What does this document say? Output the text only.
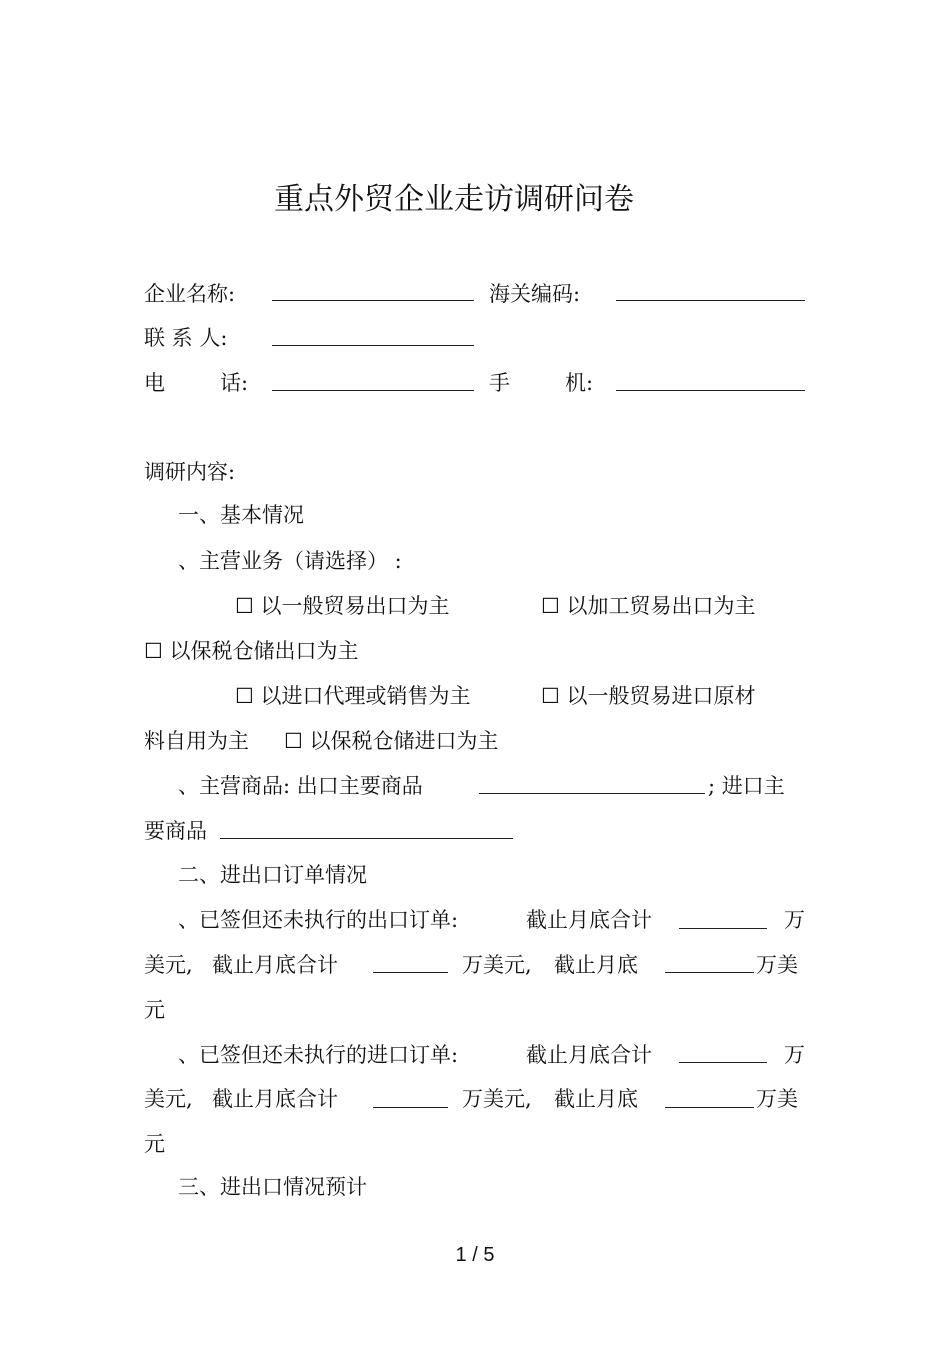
重点外贸企业走访调研问卷
企业名称:	海关编码:
联 系 人:
电	话:	手	机:
调研内容:
一、基本情况
、主营业务（请选择） :
☐ 以一般贸易出口为主	☐ 以加工贸易出口为主
☐ 以保税仓储出口为主
☐ 以进口代理或销售为主	☐ 以一般贸易进口原材
料自用为主 ☐ 以保税仓储进口为主
、主营商品: 出口主要商品	; 进口主
要商品
二、进出口订单情况
、已签但还未执行的出口订单:	截止月底合计	万
美元, 截止月底合计	万美元, 截止月底	万美
元
、已签但还未执行的进口订单:	截止月底合计	万
美元, 截止月底合计	万美元, 截止月底	万美
元
三、进出口情况预计
1 / 5
